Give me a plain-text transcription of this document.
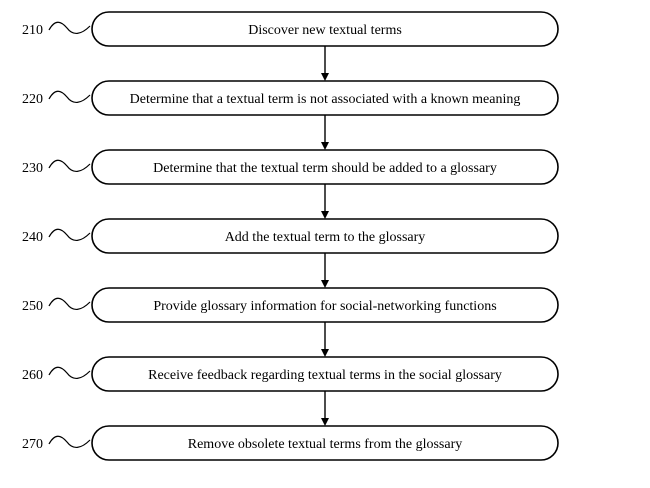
210	Discover new textual terms
220	Determine that a textual term is not associated with a known meaning
230	Determine that the textual term should be added to a glossary
240	Add the textual term to the glossary
250	Provide glossary information for social-networking functions
260	Receive feedback regarding textual terms in the social glossary
270	Remove obsolete textual terms from the glossary
